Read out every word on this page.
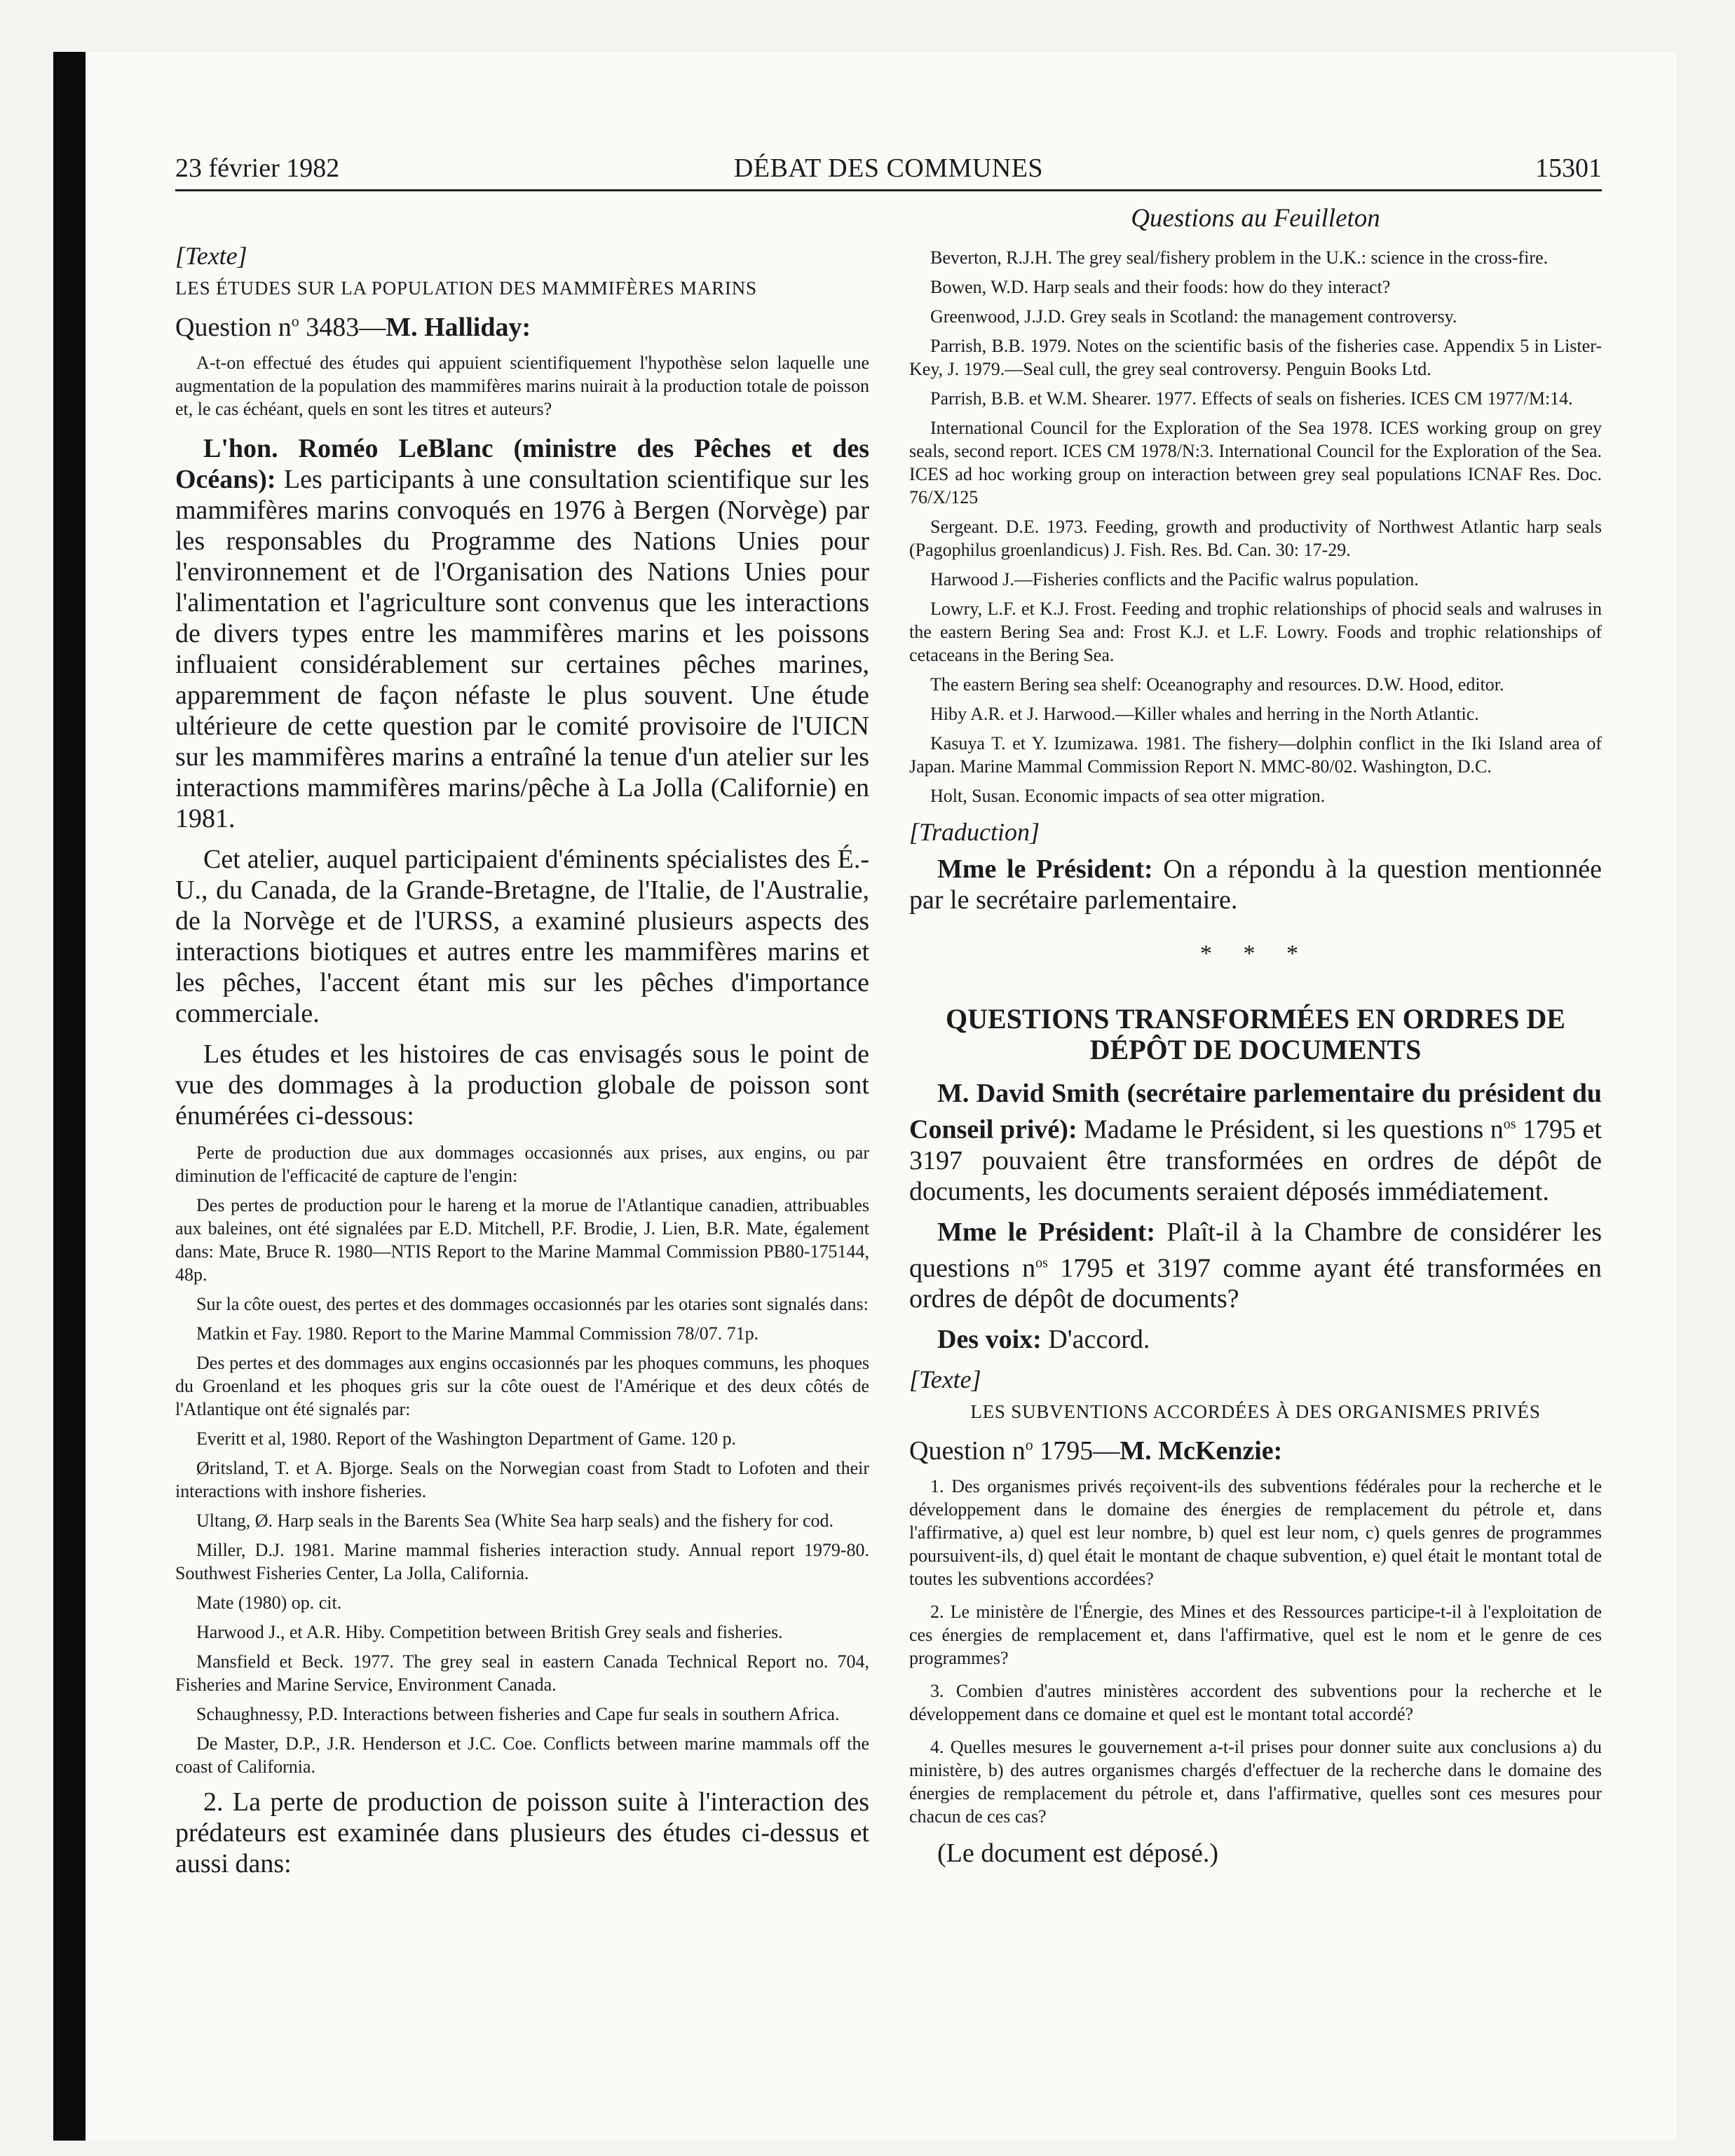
23 février 1982	DÉBAT DES COMMUNES	15301
[Texte]

LES ÉTUDES SUR LA POPULATION DES MAMMIFÈRES MARINS

Question $n^o$ 3483—M. Halliday:

A-t-on effectué des études qui appuient scientifiquement l'hypothèse selon laquelle une augmentation de la population des mammifères marins nuirait à la production totale de poisson et, le cas échéant, quels en sont les titres et auteurs?

L'hon. Roméo LeBlanc (ministre des Pêches et des Océans): Les participants à une consultation scientifique sur les mammifères marins convoqués en 1976 à Bergen (Norvège) par les responsables du Programme des Nations Unies pour l'environnement et de l'Organisation des Nations Unies pour l'alimentation et l'agriculture sont convenus que les interactions de divers types entre les mammifères marins et les poissons influaient considérablement sur certaines pêches marines, apparemment de façon néfaste le plus souvent. Une étude ultérieure de cette question par le comité provisoire de l'UICN sur les mammifères marins a entraîné la tenue d'un atelier sur les interactions mammifères marins/pêche à La Jolla (Californie) en 1981.

Cet atelier, auquel participaient d'éminents spécialistes des É.-U., du Canada, de la Grande-Bretagne, de l'Italie, de l'Australie, de la Norvège et de l'URSS, a examiné plusieurs aspects des interactions biotiques et autres entre les mammifères marins et les pêches, l'accent étant mis sur les pêches d'importance commerciale.

Les études et les histoires de cas envisagés sous le point de vue des dommages à la production globale de poisson sont énumérées ci-dessous:

Perte de production due aux dommages occasionnés aux prises, aux engins, ou par diminution de l'efficacité de capture de l'engin:

Des pertes de production pour le hareng et la morue de l'Atlantique canadien, attribuables aux baleines, ont été signalées par E.D. Mitchell, P.F. Brodie, J. Lien, B.R. Mate, également dans: Mate, Bruce R. 1980—NTIS Report to the Marine Mammal Commission PB80-175144, 48p.

Sur la côte ouest, des pertes et des dommages occasionnés par les otaries sont signalés dans:

Matkin et Fay. 1980. Report to the Marine Mammal Commission 78/07. 71p.

Des pertes et des dommages aux engins occasionnés par les phoques communs, les phoques du Groenland et les phoques gris sur la côte ouest de l'Amérique et des deux côtés de l'Atlantique ont été signalés par:

Everitt et al, 1980. Report of the Washington Department of Game. 120 p.

Øritsland, T. et A. Bjorge. Seals on the Norwegian coast from Stadt to Lofoten and their interactions with inshore fisheries.

Ultang, Ø. Harp seals in the Barents Sea (White Sea harp seals) and the fishery for cod.

Miller, D.J. 1981. Marine mammal fisheries interaction study. Annual report 1979-80. Southwest Fisheries Center, La Jolla, California.

Mate (1980) op. cit.

Harwood J., et A.R. Hiby. Competition between British Grey seals and fisheries.

Mansfield et Beck. 1977. The grey seal in eastern Canada Technical Report no. 704, Fisheries and Marine Service, Environment Canada.

Schaughnessy, P.D. Interactions between fisheries and Cape fur seals in southern Africa.

De Master, D.P., J.R. Henderson et J.C. Coe. Conflicts between marine mammals off the coast of California.

2. La perte de production de poisson suite à l'interaction des prédateurs est examinée dans plusieurs des études ci-dessus et aussi dans:

Questions au Feuilleton

Beverton, R.J.H. The grey seal/fishery problem in the U.K.: science in the cross-fire.

Bowen, W.D. Harp seals and their foods: how do they interact?

Greenwood, J.J.D. Grey seals in Scotland: the management controversy.

Parrish, B.B. 1979. Notes on the scientific basis of the fisheries case. Appendix 5 in Lister-Key, J. 1979.—Seal cull, the grey seal controversy. Penguin Books Ltd.

Parrish, B.B. et W.M. Shearer. 1977. Effects of seals on fisheries. ICES CM 1977/M:14.

International Council for the Exploration of the Sea 1978. ICES working group on grey seals, second report. ICES CM 1978/N:3. International Council for the Exploration of the Sea. ICES ad hoc working group on interaction between grey seal populations ICNAF Res. Doc. 76/X/125

Sergeant. D.E. 1973. Feeding, growth and productivity of Northwest Atlantic harp seals (Pagophilus groenlandicus) J. Fish. Res. Bd. Can. 30: 17-29.

Harwood J.—Fisheries conflicts and the Pacific walrus population.

Lowry, L.F. et K.J. Frost. Feeding and trophic relationships of phocid seals and walruses in the eastern Bering Sea and: Frost K.J. et L.F. Lowry. Foods and trophic relationships of cetaceans in the Bering Sea.

The eastern Bering sea shelf: Oceanography and resources. D.W. Hood, editor.

Hiby A.R. et J. Harwood.—Killer whales and herring in the North Atlantic.

Kasuya T. et Y. Izumizawa. 1981. The fishery—dolphin conflict in the Iki Island area of Japan. Marine Mammal Commission Report N. MMC-80/02. Washington, D.C.

Holt, Susan. Economic impacts of sea otter migration.

[Traduction]

Mme le Président: On a répondu à la question mentionnée par le secrétaire parlementaire.

* * *
QUESTIONS TRANSFORMÉES EN ORDRES DE DÉPÔT DE DOCUMENTS

M. David Smith (secrétaire parlementaire du président du Conseil privé): Madame le Président, si les questions $n^{os}$ 1795 et 3197 pouvaient être transformées en ordres de dépôt de documents, les documents seraient déposés immédiatement.

Mme le Président: Plaît-il à la Chambre de considérer les questions $n^{os}$ 1795 et 3197 comme ayant été transformées en ordres de dépôt de documents?

Des voix: D'accord.

[Texte]

LES SUBVENTIONS ACCORDÉES À DES ORGANISMES PRIVÉS

Question $n^o$ 1795—M. McKenzie:

1. Des organismes privés reçoivent-ils des subventions fédérales pour la recherche et le développement dans le domaine des énergies de remplacement du pétrole et, dans l'affirmative, a) quel est leur nombre, b) quel est leur nom, c) quels genres de programmes poursuivent-ils, d) quel était le montant de chaque subvention, e) quel était le montant total de toutes les subventions accordées?

2. Le ministère de l'Énergie, des Mines et des Ressources participe-t-il à l'exploitation de ces énergies de remplacement et, dans l'affirmative, quel est le nom et le genre de ces programmes?

3. Combien d'autres ministères accordent des subventions pour la recherche et le développement dans ce domaine et quel est le montant total accordé?

4. Quelles mesures le gouvernement a-t-il prises pour donner suite aux conclusions a) du ministère, b) des autres organismes chargés d'effectuer de la recherche dans le domaine des énergies de remplacement du pétrole et, dans l'affirmative, quelles sont ces mesures pour chacun de ces cas?

(Le document est déposé.)
